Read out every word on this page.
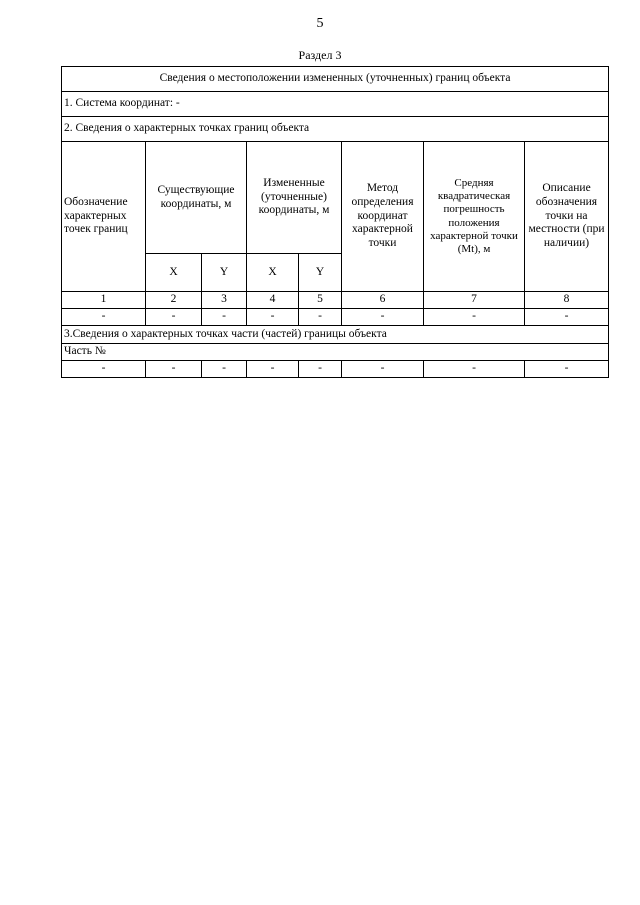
5
Раздел 3
Сведения о местоположении измененных (уточненных) границ объекта							
1. Система координат: -							
2. Сведения о характерных точках границ объекта							
Обозначение характерных точек границ	Существующие координаты, м		Измененные (уточненные) координаты, м		Метод определения координат характерной точки	Средняя квадратическая погрешность положения характерной точки (Mt), м	Описание обозначения точки на местности (при наличии)
	X	Y	X	Y			
1	2	3	4	5	6	7	8
-	-	-	-	-	-	-	-
3.Сведения о характерных точках части (частей) границы объекта							
Часть №							
-	-	-	-	-	-	-	-
